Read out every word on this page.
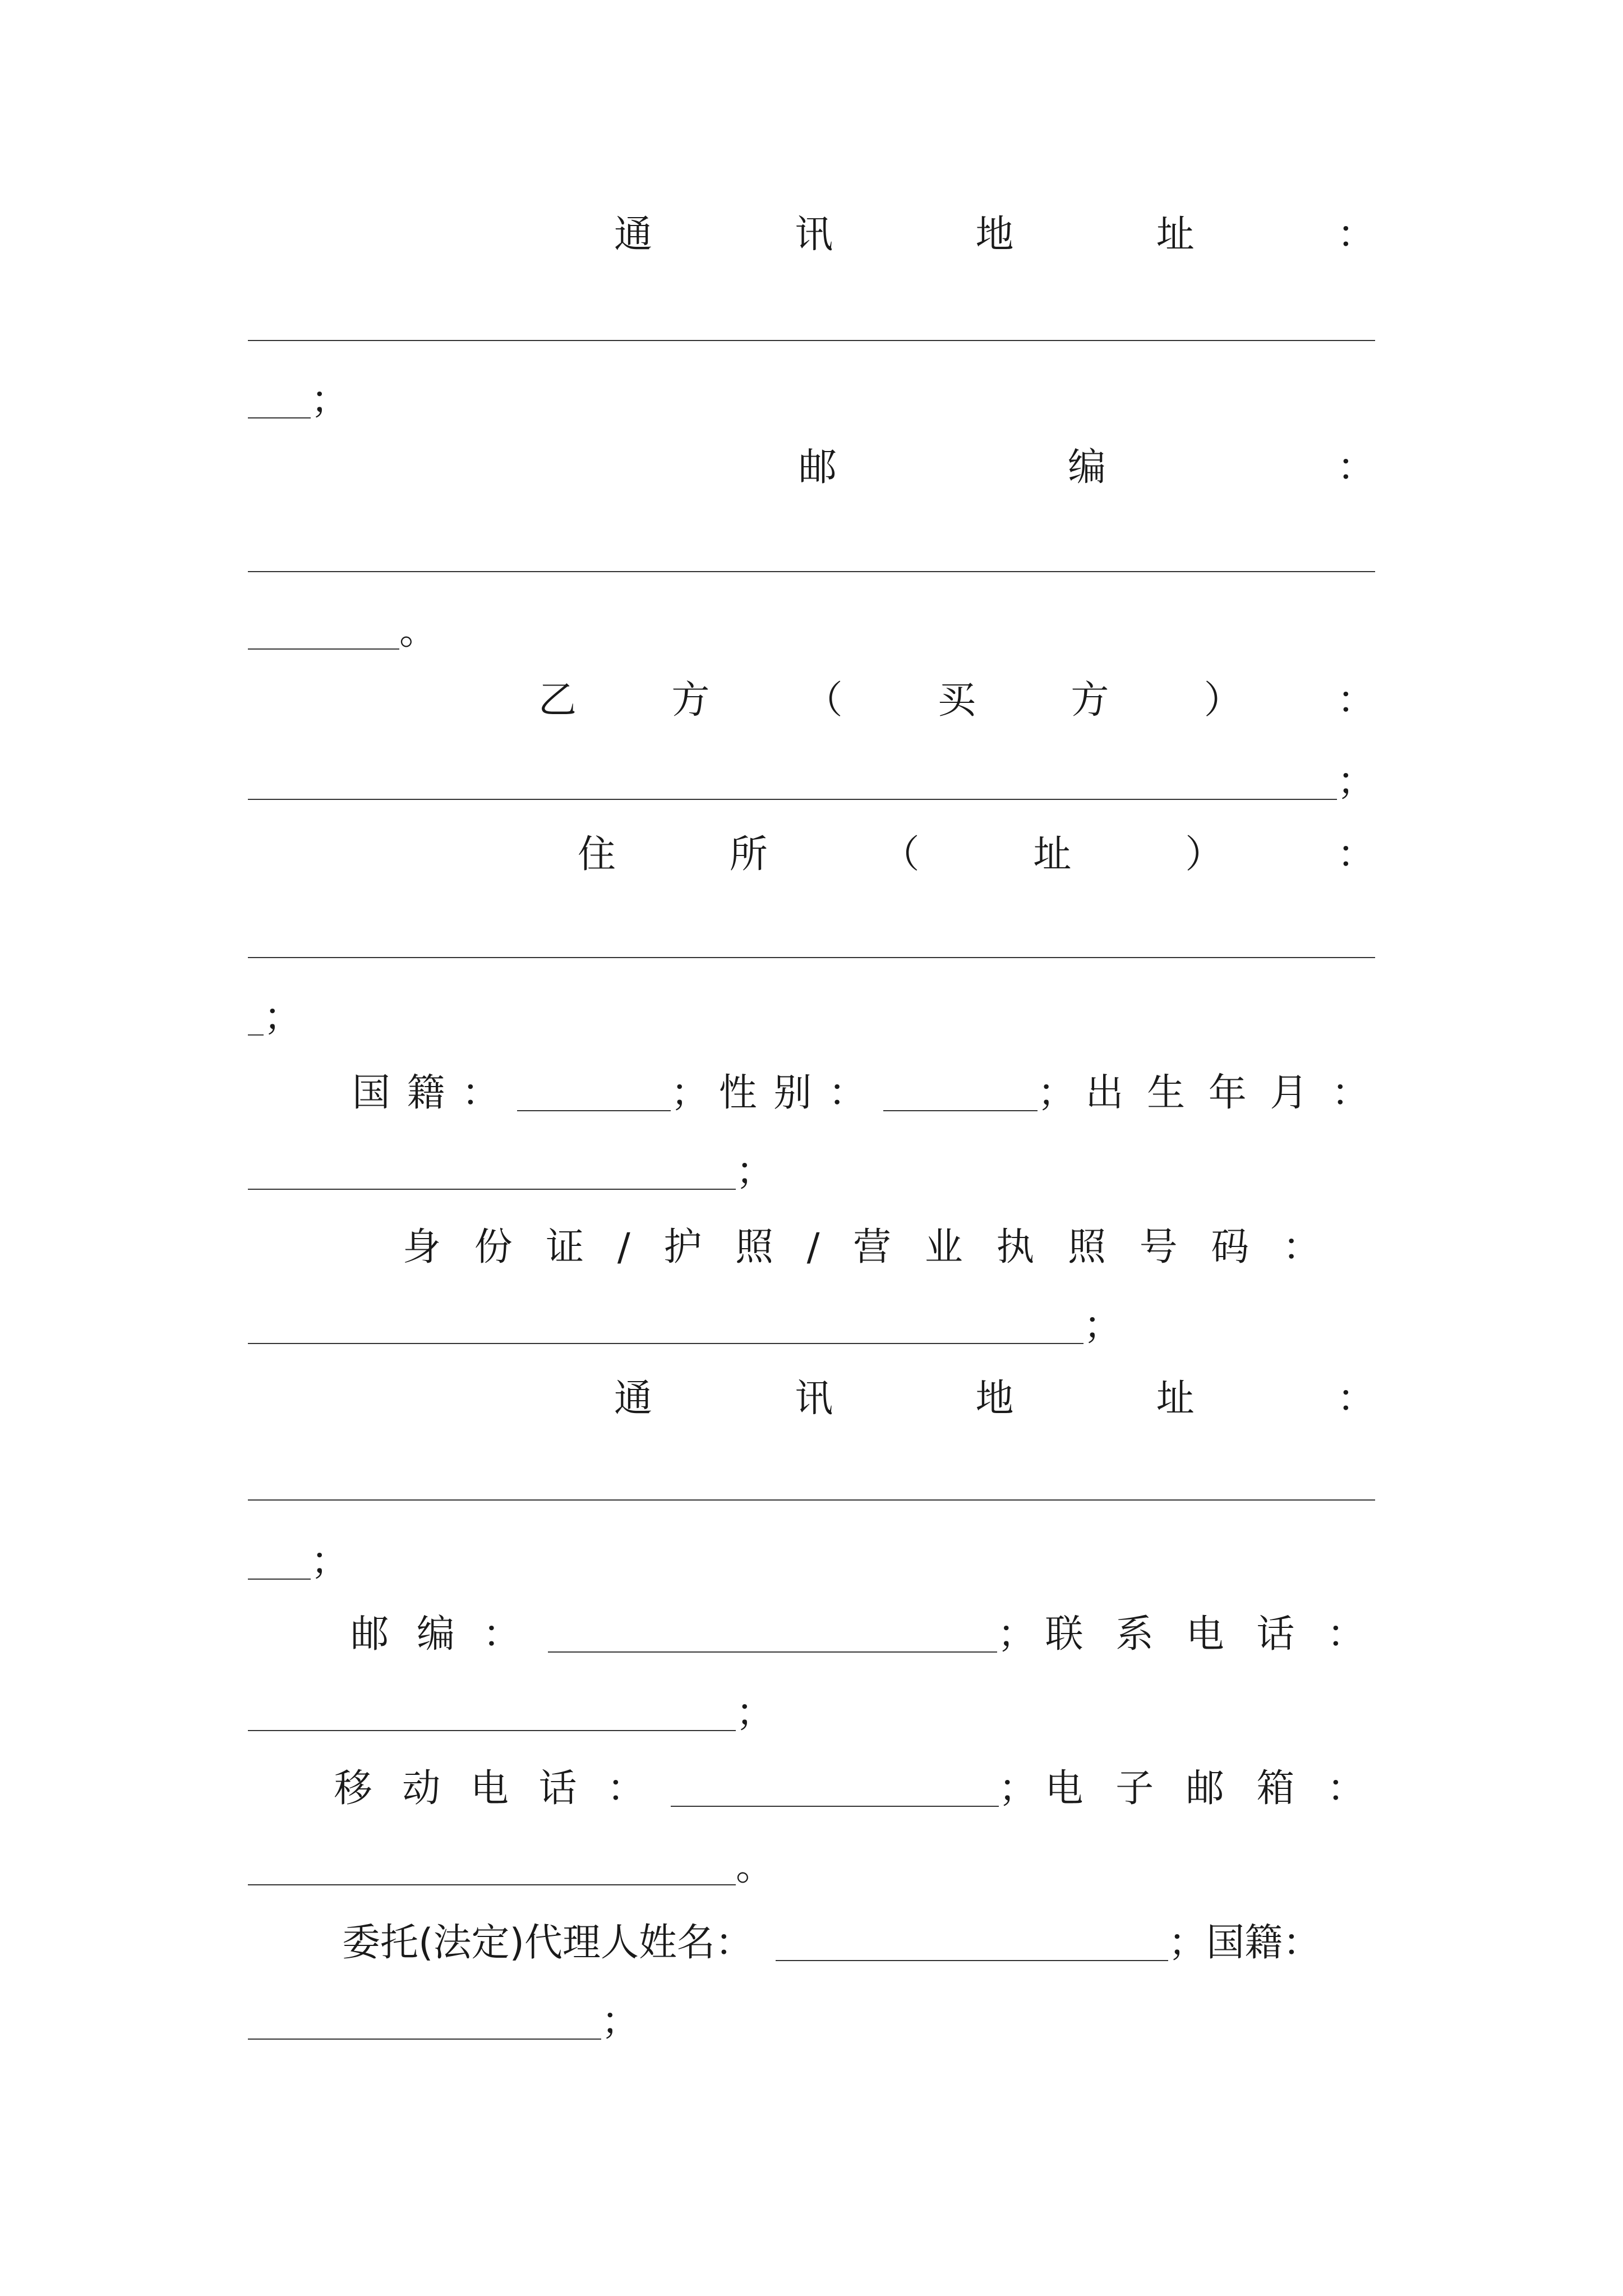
通	讯	地	址	：
；
邮	编	：
。
乙 方 （ 买 方 ） ：
；
住	所	（	址	）	：
；
国 籍 ：	； 性 别 ：	； 出 生 年 月 ：
；
身 份 证 / 护 照 / 营 业 执 照 号 码 ：
；
通	讯	地	址	：
；
邮 编 ：	； 联 系 电 话 ：
；
移 动 电 话 ：	； 电 子 邮 箱 ：
。
委托(法定)代理人姓名：	； 国籍：
；
